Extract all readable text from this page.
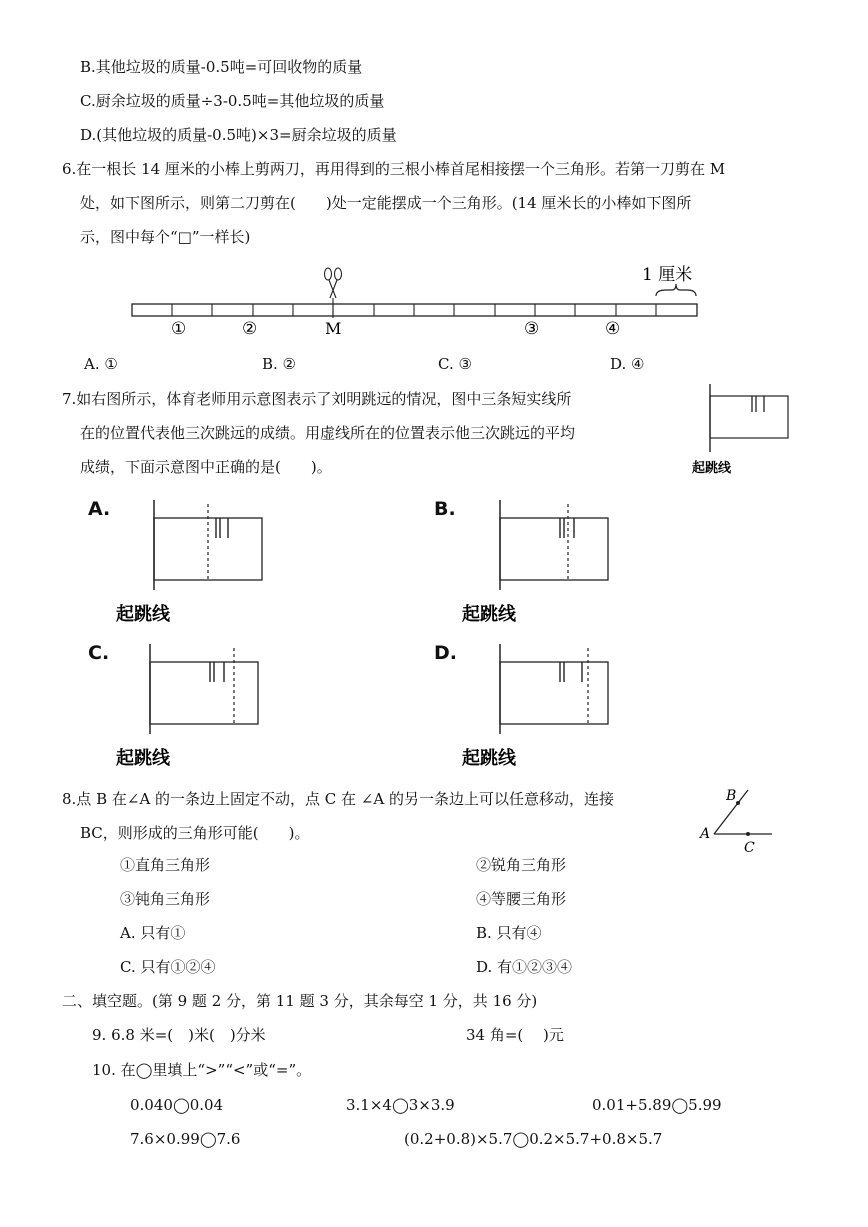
B.其他垃圾的质量-0.5吨=可回收物的质量
C.厨余垃圾的质量÷3-0.5吨=其他垃圾的质量
D.(其他垃圾的质量-0.5吨)×3=厨余垃圾的质量
6.在一根长 14 厘米的小棒上剪两刀，再用得到的三根小棒首尾相接摆一个三角形。若第一刀剪在 M
处，如下图所示，则第二刀剪在(　　)处一定能摆成一个三角形。(14 厘米长的小棒如下图所
示，图中每个“□”一样长)
1 厘米
①	②	M	③	④
A. ①	B. ②	C. ③	D. ④
7.如右图所示，体育老师用示意图表示了刘明跳远的情况，图中三条短实线所
在的位置代表他三次跳远的成绩。用虚线所在的位置表示他三次跳远的平均
成绩，下面示意图中正确的是(　　)。	起跳线
A.
起跳线
B.
起跳线
C.
起跳线
D.
起跳线
8.点 B 在∠A 的一条边上固定不动，点 C 在 ∠A 的另一条边上可以任意移动，连接
BC，则形成的三角形可能(　　)。
B
A
C
①直角三角形	②锐角三角形
③钝角三角形	④等腰三角形
A. 只有①	B. 只有④
C. 只有①②④	D. 有①②③④
二、填空题。(第 9 题 2 分，第 11 题 3 分，其余每空 1 分，共 16 分)
9. 6.8 米=(　)米(　)分米	34 角=(　 )元
10. 在◯里填上“>”“<”或“=”。
0.040◯0.04	3.1×4◯3×3.9	0.01+5.89◯5.99
7.6×0.99◯7.6	(0.2+0.8)×5.7◯0.2×5.7+0.8×5.7
